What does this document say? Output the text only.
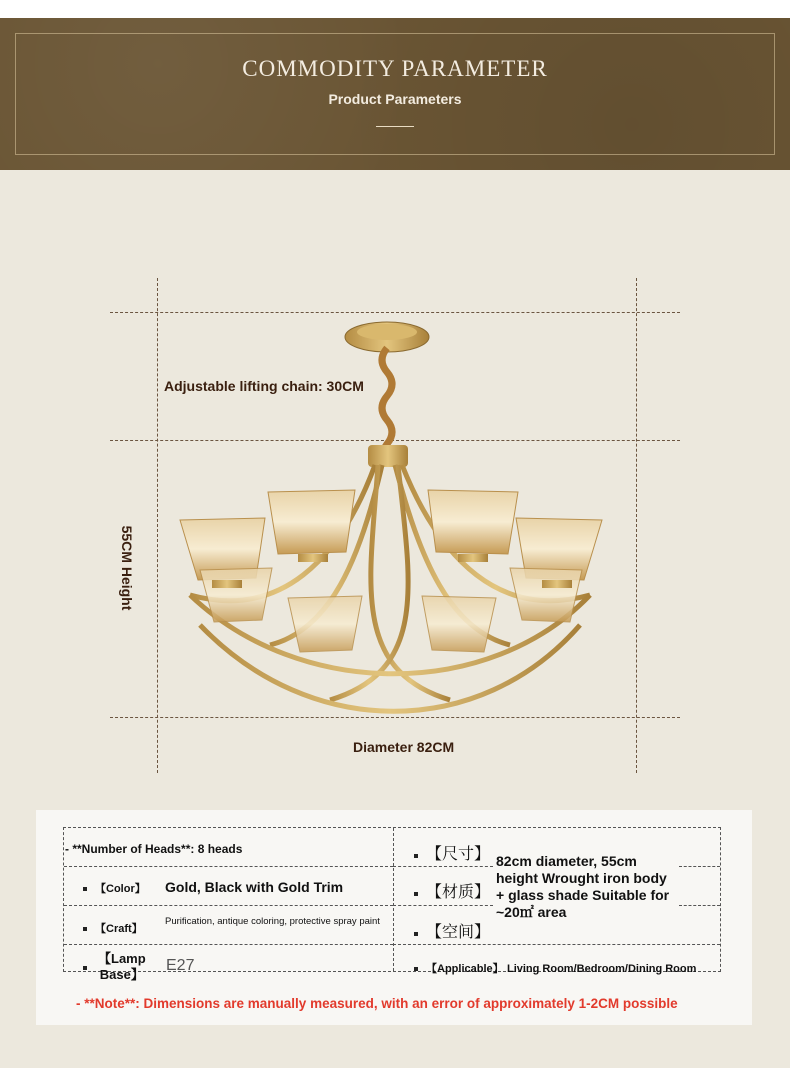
COMMODITY PARAMETER
Product Parameters
Adjustable lifting chain: 30CM
55CM Height
Diameter 82CM
- **Number of Heads**: 8 heads
【Color】 Gold, Black with Gold Trim
【Craft】
Purification, antique coloring, protective spray paint
【Lamp
Base】
E27
【尺寸】
【材质】
【空间】
82cm diameter, 55cm height Wrought iron body + glass shade Suitable for ~20㎡ area
【Applicable】 Living Room/Bedroom/Dining Room
- **Note**: Dimensions are manually measured, with an error of approximately 1-2CM possible
